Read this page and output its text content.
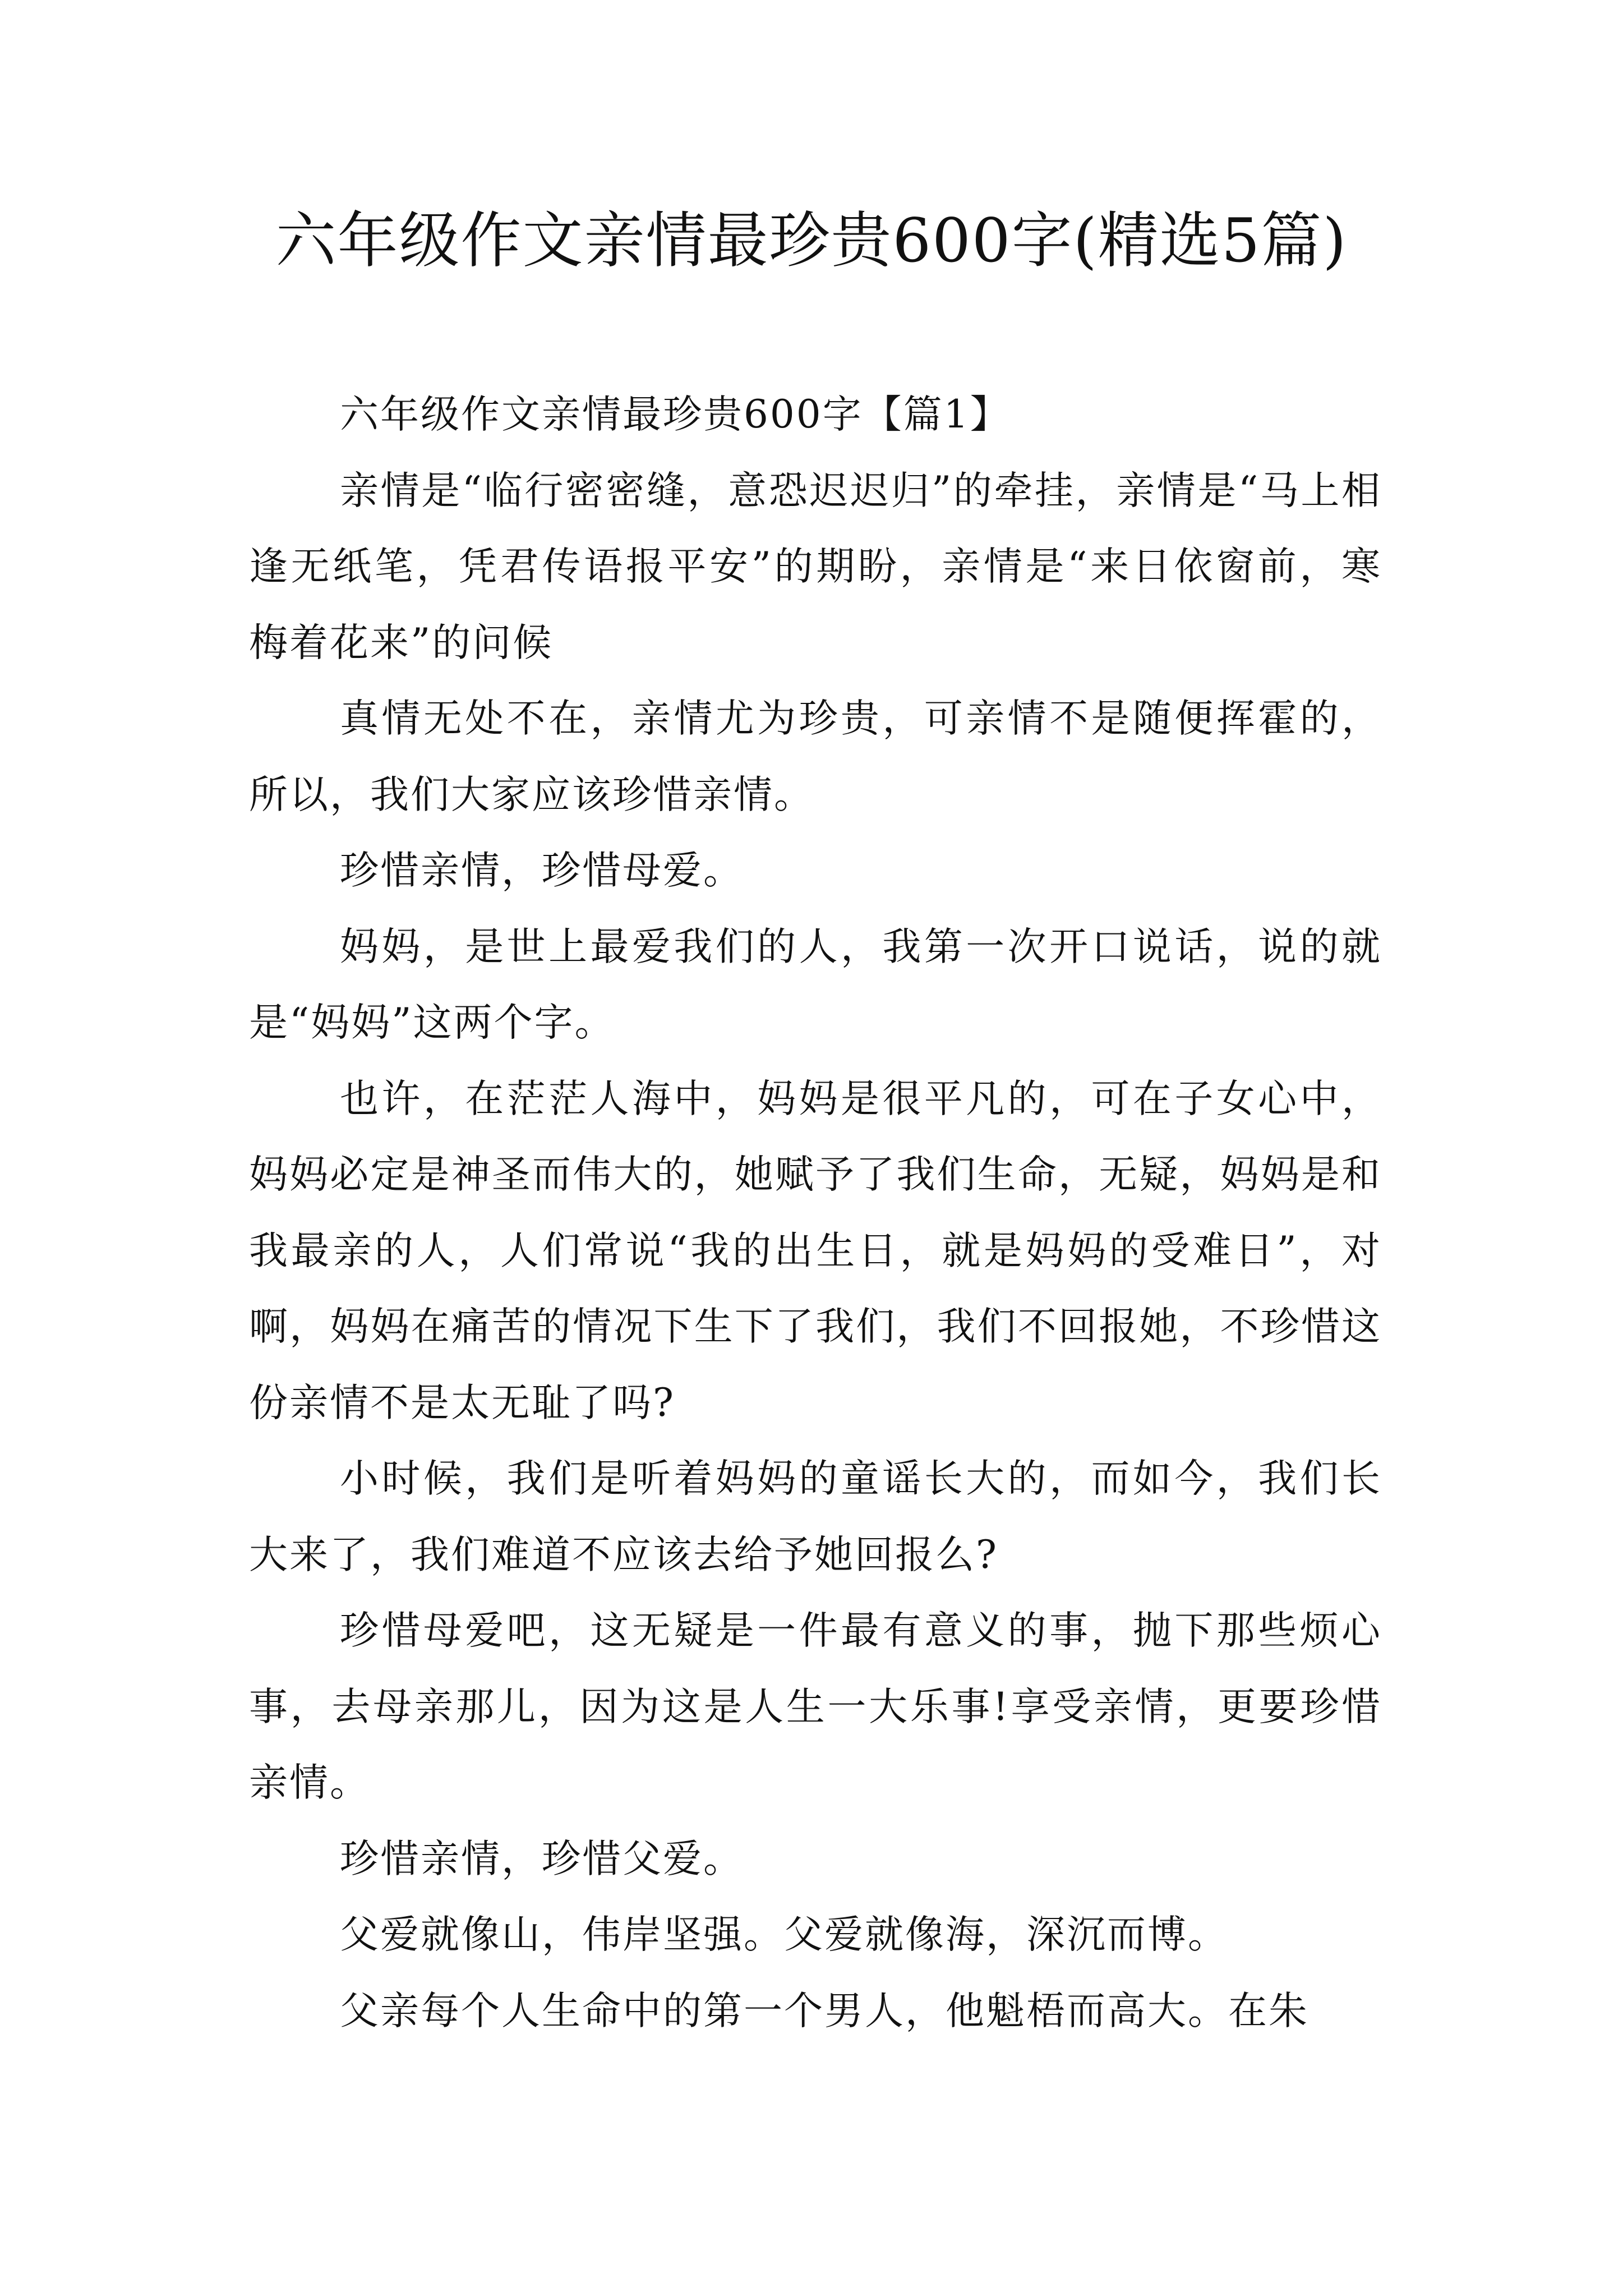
六年级作文亲情最珍贵600字(精选5篇)

六年级作文亲情最珍贵600字【篇1】

亲情是“临行密密缝，意恐迟迟归”的牵挂，亲情是“马上相逢无纸笔，凭君传语报平安”的期盼，亲情是“来日依窗前，寒梅着花来”的问候

真情无处不在，亲情尤为珍贵，可亲情不是随便挥霍的，所以，我们大家应该珍惜亲情。

珍惜亲情，珍惜母爱。

妈妈，是世上最爱我们的人，我第一次开口说话，说的就是“妈妈”这两个字。

也许，在茫茫人海中，妈妈是很平凡的，可在子女心中，妈妈必定是神圣而伟大的，她赋予了我们生命，无疑，妈妈是和我最亲的人，人们常说“我的出生日，就是妈妈的受难日”，对啊，妈妈在痛苦的情况下生下了我们，我们不回报她，不珍惜这份亲情不是太无耻了吗?

小时候，我们是听着妈妈的童谣长大的，而如今，我们长大来了，我们难道不应该去给予她回报么?

珍惜母爱吧，这无疑是一件最有意义的事，抛下那些烦心事，去母亲那儿，因为这是人生一大乐事!享受亲情，更要珍惜亲情。

珍惜亲情，珍惜父爱。

父爱就像山，伟岸坚强。父爱就像海，深沉而博。

父亲每个人生命中的第一个男人，他魁梧而高大。在朱
